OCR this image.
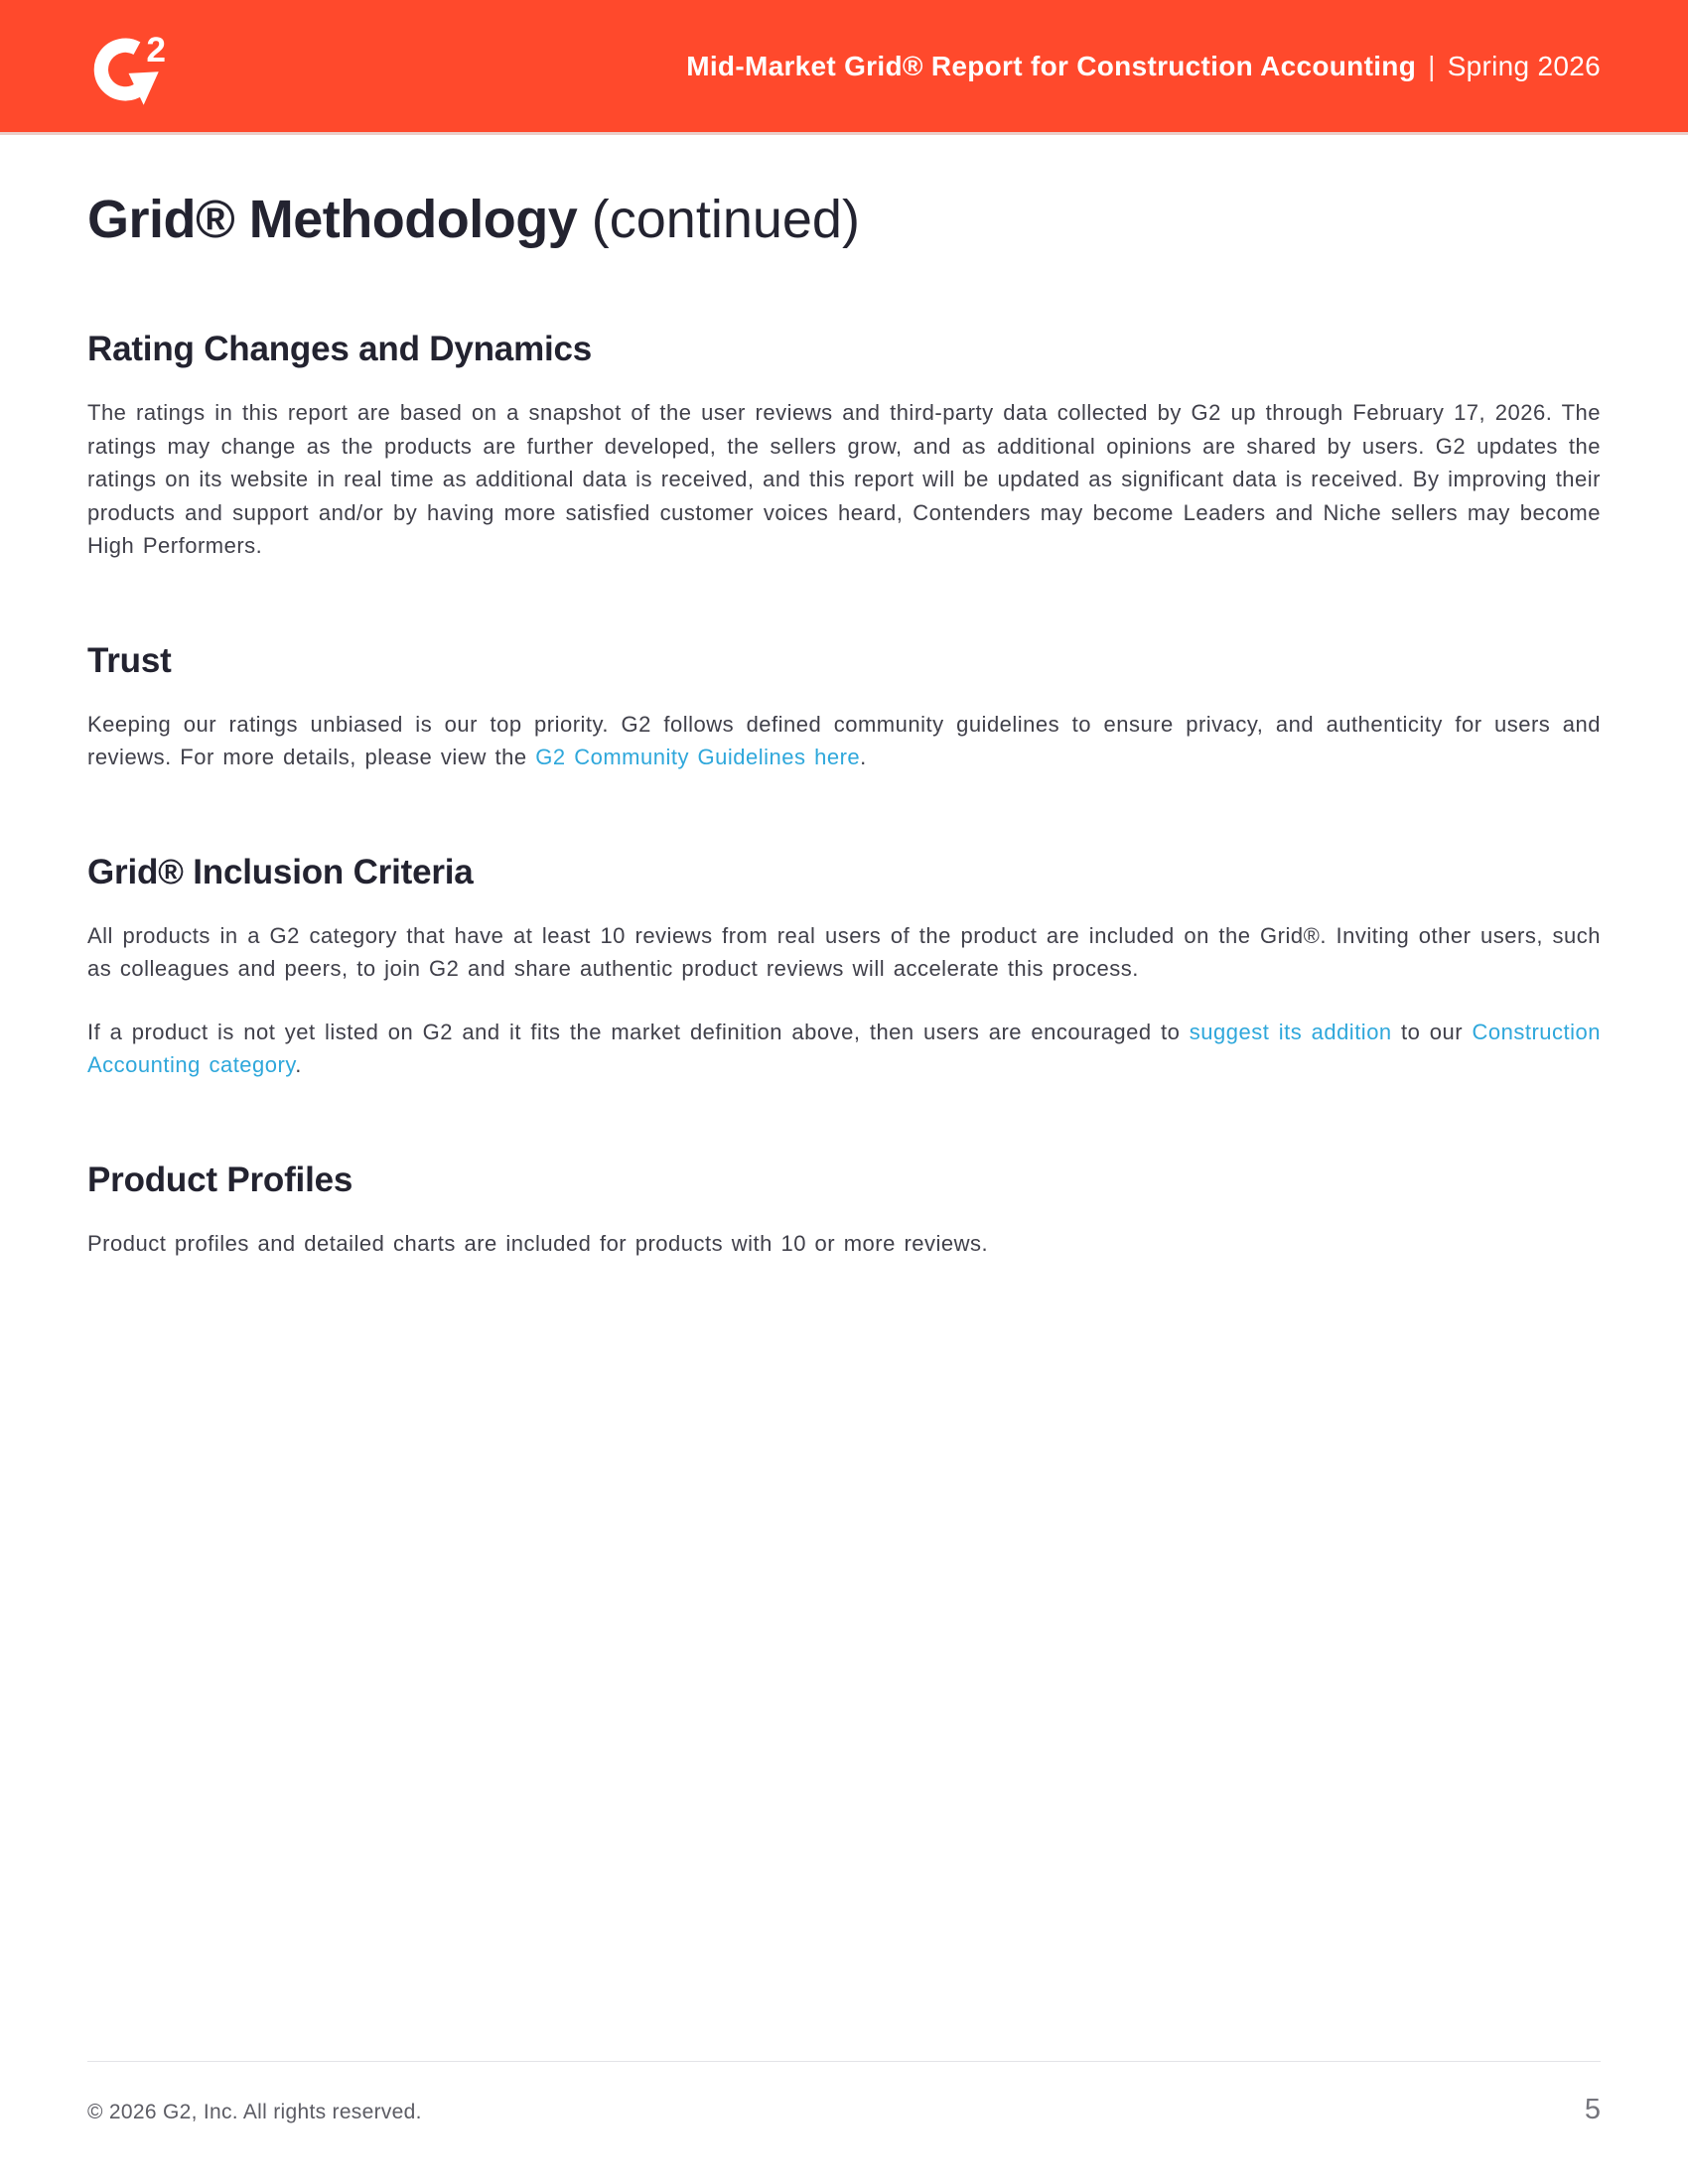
2	Mid-Market Grid® Report for Construction Accounting | Spring 2026
Grid® Methodology (continued)
Rating Changes and Dynamics

The ratings in this report are based on a snapshot of the user reviews and third-party data collected by G2 up through February 17, 2026. The ratings may change as the products are further developed, the sellers grow, and as additional opinions are shared by users. G2 updates the ratings on its website in real time as additional data is received, and this report will be updated as significant data is received. By improving their products and support and/or by having more satisfied customer voices heard, Contenders may become Leaders and Niche sellers may become High Performers.

Trust

Keeping our ratings unbiased is our top priority. G2 follows defined community guidelines to ensure privacy, and authenticity for users and reviews. For more details, please view the G2 Community Guidelines here.

Grid® Inclusion Criteria

All products in a G2 category that have at least 10 reviews from real users of the product are included on the Grid®. Inviting other users, such as colleagues and peers, to join G2 and share authentic product reviews will accelerate this process.

If a product is not yet listed on G2 and it fits the market definition above, then users are encouraged to suggest its addition to our Construction Accounting category.

Product Profiles

Product profiles and detailed charts are included for products with 10 or more reviews.

© 2026 G2, Inc. All rights reserved.	5
